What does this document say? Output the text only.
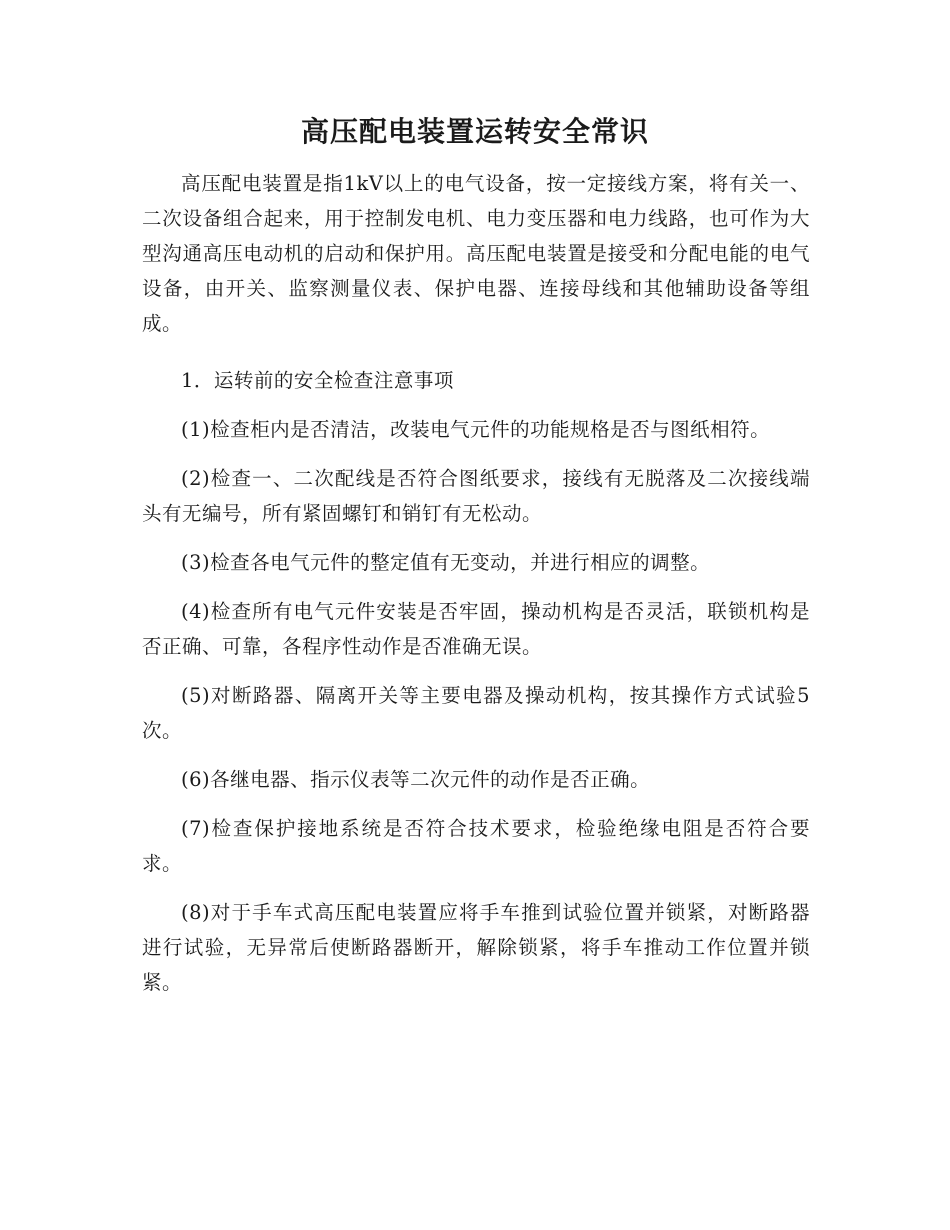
高压配电装置运转安全常识

高压配电装置是指1kV以上的电气设备，按一定接线方案，将有关一、二次设备组合起来，用于控制发电机、电力变压器和电力线路，也可作为大型沟通高压电动机的启动和保护用。高压配电装置是接受和分配电能的电气设备，由开关、监察测量仪表、保护电器、连接母线和其他辅助设备等组成。

1．运转前的安全检查注意事项

(1)检查柜内是否清洁，改装电气元件的功能规格是否与图纸相符。

(2)检查一、二次配线是否符合图纸要求，接线有无脱落及二次接线端头有无编号，所有紧固螺钉和销钉有无松动。

(3)检查各电气元件的整定值有无变动，并进行相应的调整。

(4)检查所有电气元件安装是否牢固，操动机构是否灵活，联锁机构是否正确、可靠，各程序性动作是否准确无误。

(5)对断路器、隔离开关等主要电器及操动机构，按其操作方式试验5次。

(6)各继电器、指示仪表等二次元件的动作是否正确。

(7)检查保护接地系统是否符合技术要求，检验绝缘电阻是否符合要求。

(8)对于手车式高压配电装置应将手车推到试验位置并锁紧，对断路器进行试验，无异常后使断路器断开，解除锁紧，将手车推动工作位置并锁紧。
